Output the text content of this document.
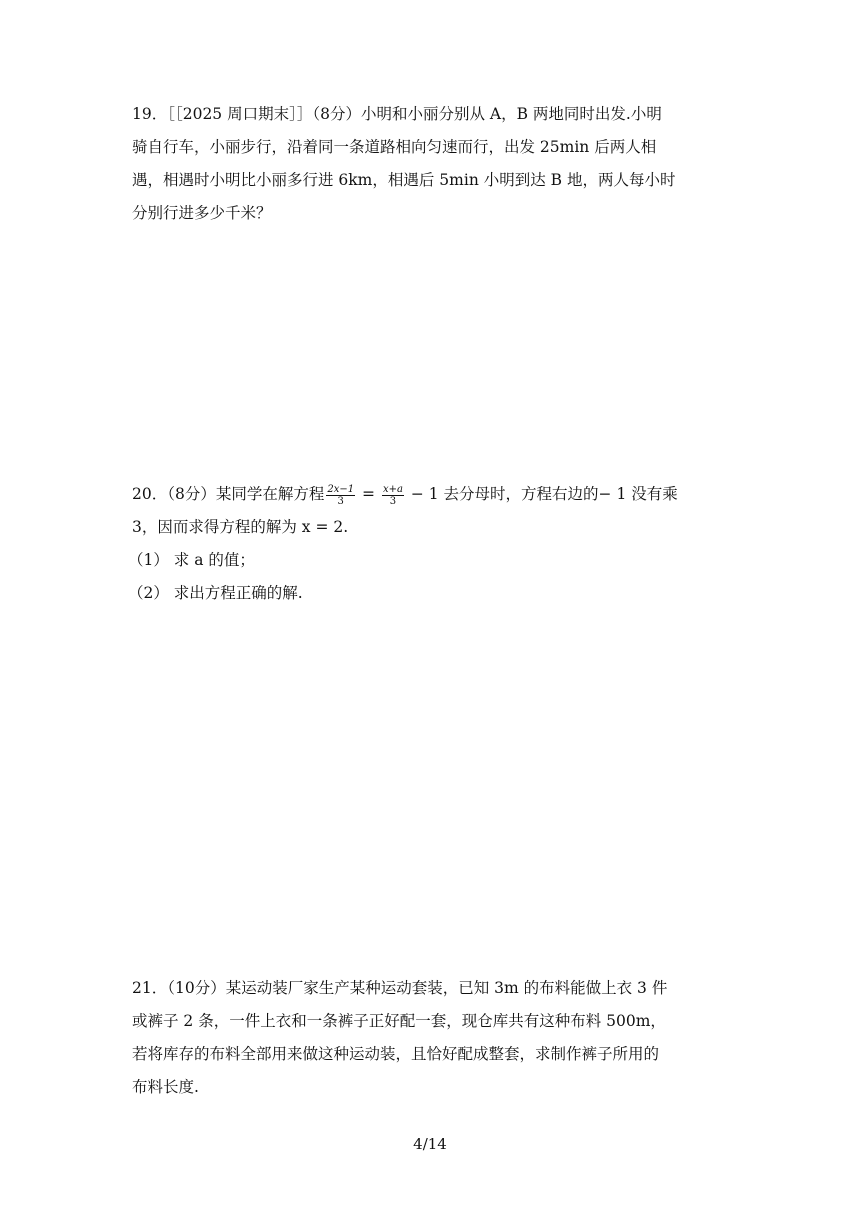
19．［［2025 周口期末］］（8分）小明和小丽分别从 A，B 两地同时出发.小明
骑自行车，小丽步行，沿着同一条道路相向匀速而行，出发 25min 后两人相
遇，相遇时小明比小丽多行进 6km，相遇后 5min 小明到达 B 地，两人每小时
分别行进多少千米？
20．（8分）某同学在解方程 $\frac{2x-1}{3} = \frac{x+a}{3} - 1$ 去分母时，方程右边的− 1 没有乘
3，因而求得方程的解为 x = 2.
（1） 求 a 的值；
（2） 求出方程正确的解.
21．（10分）某运动装厂家生产某种运动套装，已知 3m 的布料能做上衣 3 件
或裤子 2 条，一件上衣和一条裤子正好配一套，现仓库共有这种布料 500m，
若将库存的布料全部用来做这种运动装，且恰好配成整套，求制作裤子所用的
布料长度.
4/14
